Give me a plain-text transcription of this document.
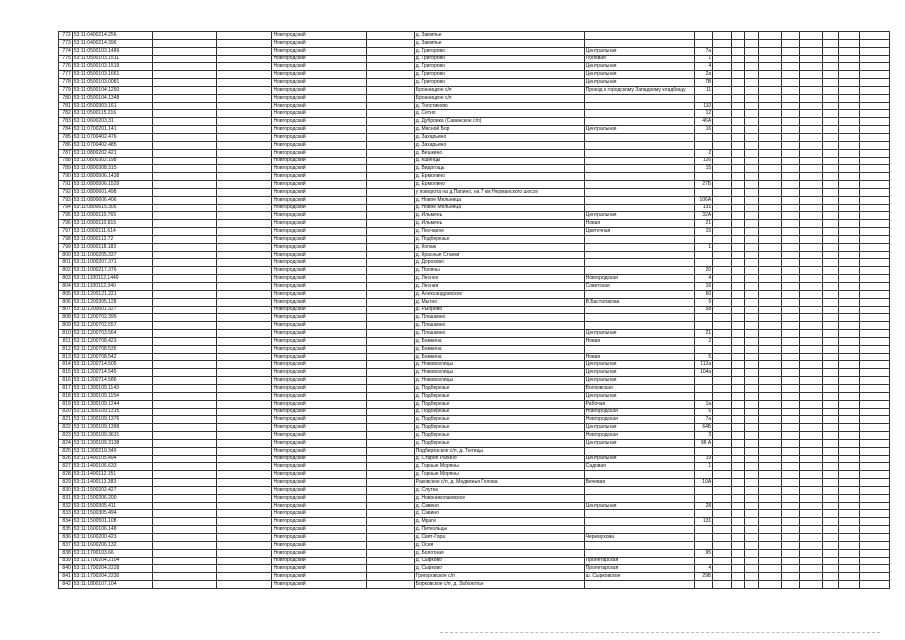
772	53:11:0400214.256			Новгородский		д. Замяпье											
773	53:11:0400214.396			Новгородский		д. Замяпье											
774	53:11:0500103.1489			Новгородский		д. Григорово	Центральная	7а									
775	53:11:0500103.1511			Новгородский		д. Григорово	Полевая	1									
776	53:11:0500103.1519			Новгородский		д. Григорово	Центральная	4									
777	53:11:0500103.1661			Новгородский		д. Григорово	Центральная	2а									
778	53:11:0500103.0081			Новгородский		д. Григорово	Центральная	7В									
779	53:11:0500104.1250			Новгородский		Бронницкое с/п	Проезд к городскому Западному кладбищу	11									
780	53:11:0500104.1348			Новгородский		Бронницкое с/п											
781	53:11:0500303.161			Новгородский		д. Толстиково		110									
782	53:11:0500115.216			Новгородский		д. Сетно		12									
783	53:11:0600203.31			Новгородский		д. Дубровка (Савинское с/п)		46А									
784	53:11:0700201.141			Новгородский		д. Мясной Бор	Центральная	16									
785	53:11:0700402.476			Новгородский		д. Захарьино											
786	53:11:0700402.485			Новгородский		д. Захарьино											
787	53:11:0800202.421			Новгородский		д. Вешкино		2									
788	53:11:0800302.198			Новгородский		д. Кшенцы		126									
789	53:11:0800308.315			Новгородский		д. Видогощь		15									
790	53:11:0800506.1438			Новгородский		д. Ермолино											
791	53:11:0800506.1529			Новгородский		д. Ермолино		27Б									
792	53:11:0800601.498			Новгородский		у поворота на д.Папино, на 7 км Нерманского шоссе											
793	53:11:0800606.406			Новгородский		д. Новое Мельница		106А									
794	53:11:0800615.305			Новгородский		д. Новое Мельница		131									
795	53:11:0900110.765			Новгородский		д. Ильмень	Центральная	32А									
796	53:11:0900110.815			Новгородский		д. Ильмень	Новая	21									
797	53:11:0900111.614			Новгородский		д. Песчаное	Цветочная	15									
798	53:11:0900112.72			Новгородский		д. Подберезье											
799	53:11:0900118.183			Новгородский		д. Копаж		1									
800	53:11:1000205.337			Новгородский		д. Красные Станки											
801	53:11:1000207.371			Новгородский		д. Дорохово											
802	53:11:1000217.376			Новгородский		д. Поляны		20									
803	53:11:1100112.1449			Новгородский		д. Лесное	Новгородская	4									
804	53:11:1100112.340			Новгородский		д. Лесная	Советская	16									
805	53:11:1200121.221			Новгородский		д. Александровское		60									
806	53:11:1200305.128			Новгородский		д. Мытно	В.Бастатикова	9									
807	53:11:1200601.327			Новгородский		д. Рыорево		58									
808	53:11:1200702.395			Новгородский		д. Плашкино											
809	53:11:1200702.557			Новгородский		д. Плашкино											
810	53:11:1200703.564			Новгородский		д. Плашкино	Центральная	21									
811	53:11:1200708.423			Новгородский		д. Бомкина	Новая	2									
812	53:11:1200708.535			Новгородский		д. Бомкина											
813	53:11:1200708.542			Новгородский		д. Бомкина	Новая	5									
814	53:11:1200714.505			Новгородский		д. Нововселицы	Центральная	112а									
815	53:11:1200714.545			Новгородский		д. Нововселицы	Центральная	104а									
816	53:11:1200714.586			Новгородский		д. Нововселицы	Центральная										
817	53:11:1300109.1143			Новгородский		д. Подберезье	Волховская										
818	53:11:1300109.1154			Новгородский		д. Подберезье	Центральная										
819	53:11:1300109.1244			Новгородский		д. Подберезье	Рабочая	1а									
820	53:11:1300109.1315			Новгородский		д. Подберезье	Новгородская	6									
821	53:11:1300109.1376			Новгородский		д. Подберезье	Новгородская	7а									
822	53:11:1300109.1399			Новгородский		д. Подберезье	Центральная	64Б									
823	53:11:1300109.3631			Новгородский		д. Подберезье	Новгородская	3									
824	53:11:1300109.3138			Новгородский		д. Подберезье	Центральная	98 А									
825	53:11:1300210.349			Новгородский		Подберезское с/п, д. Тютицы											
826	53:11:1400105.494			Новгородский		д. Старое Рахино	Центральная	19									
827	53:11:1400106.633			Новгородский		д. Горные Моряны	Садовая	1									
828	53:11:1400112.151			Новгородский		д. Горные Моряны											
829	53:11:1400113.383			Новгородский		Раковское с/п, д. Медвежья Голова	Вечевая	10А									
830	53:11:1500202.427			Новгородский		д. Слутка											
831	53:11:1500206.200			Новгородский		д. Новониколаевское											
832	53:11:1500305.411			Новгородский		д. Савено	Центральная	28									
833	53:11:1500305.494			Новгородский		д. Савино											
834	53:11:1500501.108			Новгородский		д. Мраги		131									
835	53:11:1600106.148			Новгородский		д. Питкольцы											
836	53:11:1600200.423			Новгородский		д. Свят-Гора	Черемухова										
837	53:11:1600206.132			Новгородский		д. Осия											
838	53:11:1700103.66			Новгородский		д. Болотная		95									
839	53:11:1700204.2104			Новгородский		д. Сырково	Пролетарская										
840	53:11:1700204.2228			Новгородский		д. Сырково	Пролетарская	4									
841	53:11:1700204.2230			Новгородский		Григоровское с/п	ш. Сырковское	29Б									
842	53:11:1800107.104			Новгородский		Борковское с/п, д. Заболотье											
